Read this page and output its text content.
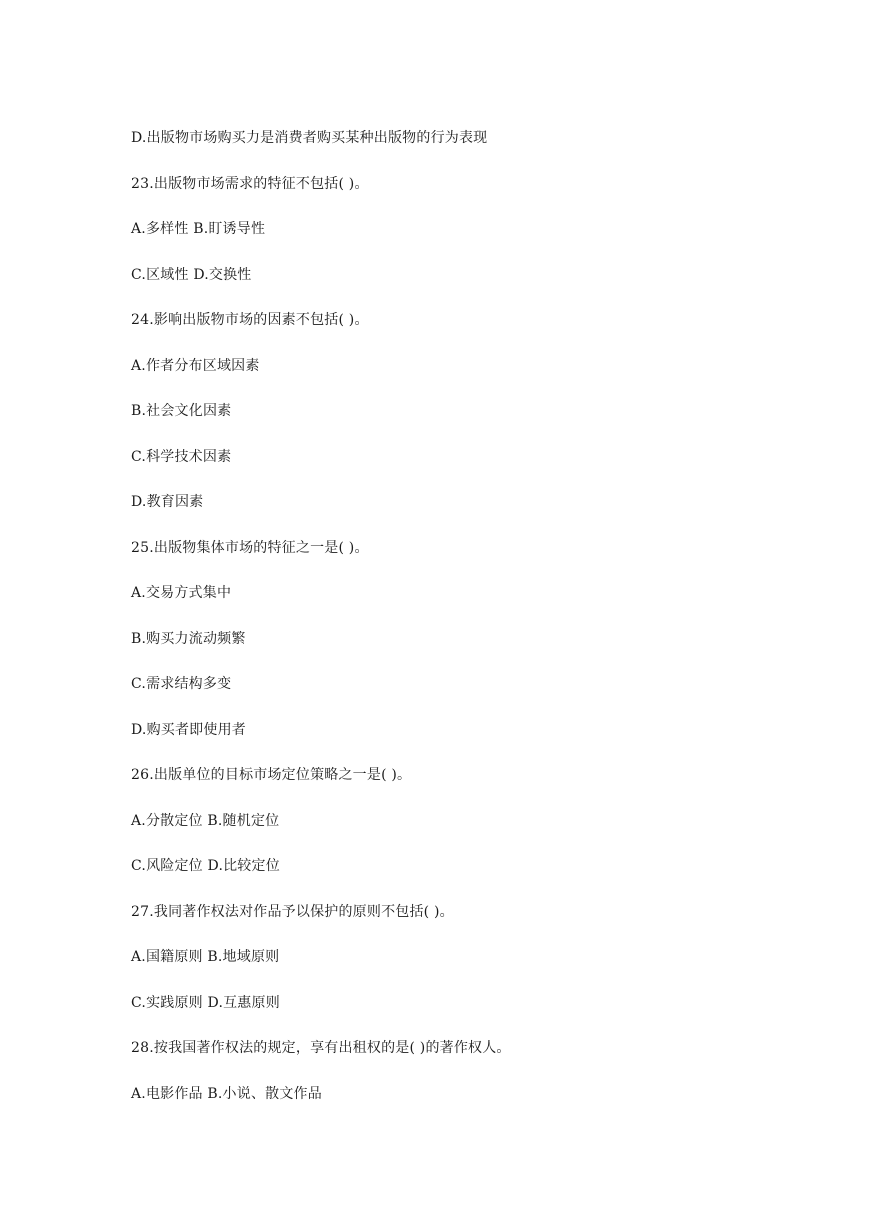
D.出版物市场购买力是消费者购买某种出版物的行为表现
23.出版物市场需求的特征不包括( )。
A.多样性 B.盯诱导性
C.区域性 D.交换性
24.影响出版物市场的因素不包括( )。
A.作者分布区域因素
B.社会文化因素
C.科学技术因素
D.教育因素
25.出版物集体市场的特征之一是( )。
A.交易方式集中
B.购买力流动频繁
C.需求结构多变
D.购买者即使用者
26.出版单位的目标市场定位策略之一是( )。
A.分散定位 B.随机定位
C.风险定位 D.比较定位
27.我同著作权法对作品予以保护的原则不包括( )。
A.国籍原则 B.地域原则
C.实践原则 D.互惠原则
28.按我国著作权法的规定，享有出租权的是( )的著作权人。
A.电影作品 B.小说、散文作品
